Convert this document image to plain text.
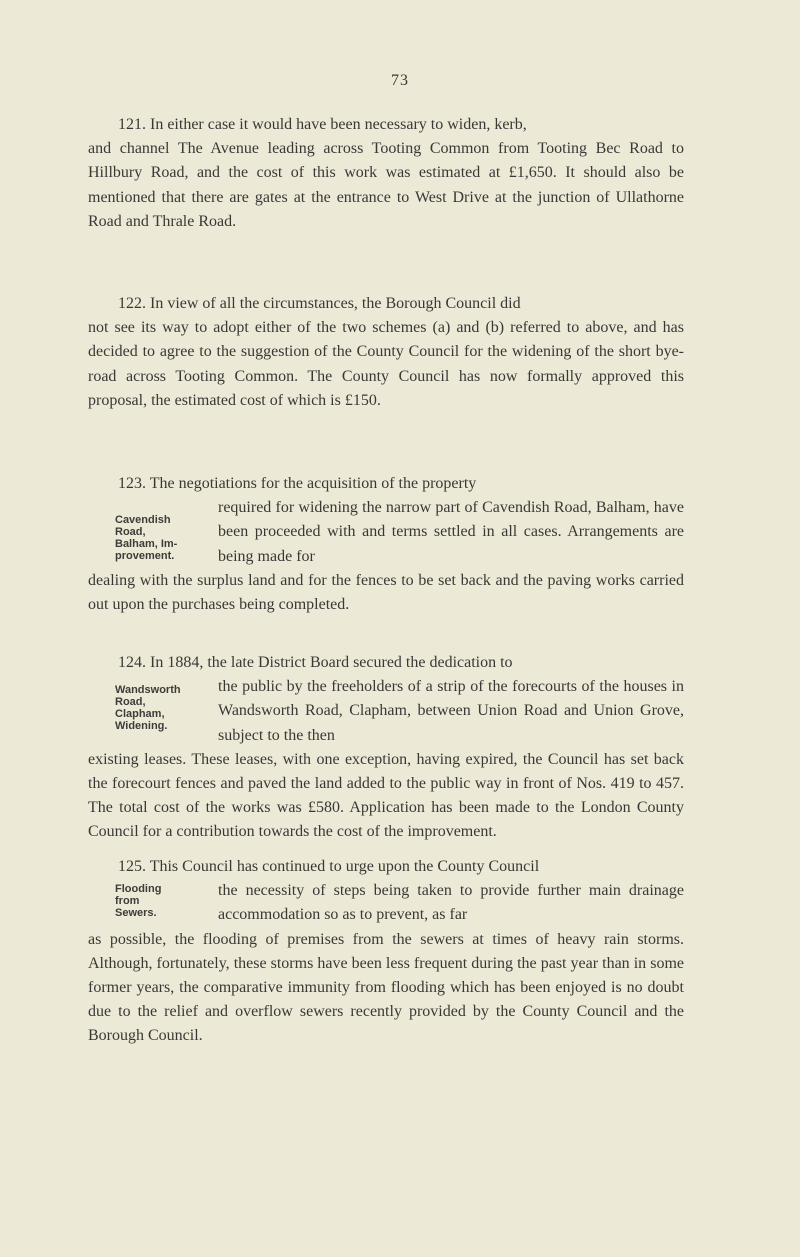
73
121. In either case it would have been necessary to widen, kerb,
and channel The Avenue leading across Tooting Common from Tooting Bec Road to Hillbury Road, and the cost of this work was estimated at £1,650. It should also be mentioned that there are gates at the entrance to West Drive at the junction of Ullathorne Road and Thrale Road.
122. In view of all the circumstances, the Borough Council did
not see its way to adopt either of the two schemes (a) and (b) referred to above, and has decided to agree to the suggestion of the County Council for the widening of the short bye-road across Tooting Common. The County Council has now formally approved this proposal, the estimated cost of which is £150.
123. The negotiations for the acquisition of the property
required for widening the narrow part of Cavendish Road, Balham, have been proceeded with and terms settled in all cases. Arrangements are being made for
dealing with the surplus land and for the fences to be set back and the paving works carried out upon the purchases being completed.
Cavendish
Road,
Balham, Im-
provement.
124. In 1884, the late District Board secured the dedication to
the public by the freeholders of a strip of the forecourts of the houses in Wandsworth Road, Clapham, between Union Road and Union Grove, subject to the then
existing leases. These leases, with one exception, having expired, the Council has set back the forecourt fences and paved the land added to the public way in front of Nos. 419 to 457. The total cost of the works was £580. Application has been made to the London County Council for a contribution towards the cost of the improvement.
Wandsworth
Road,
Clapham,
Widening.
125. This Council has continued to urge upon the County Council
the necessity of steps being taken to provide further main drainage accommodation so as to prevent, as far
as possible, the flooding of premises from the sewers at times of heavy rain storms. Although, fortunately, these storms have been less frequent during the past year than in some former years, the comparative immunity from flooding which has been enjoyed is no doubt due to the relief and overflow sewers recently provided by the County Council and the Borough Council.
Flooding
from
Sewers.
